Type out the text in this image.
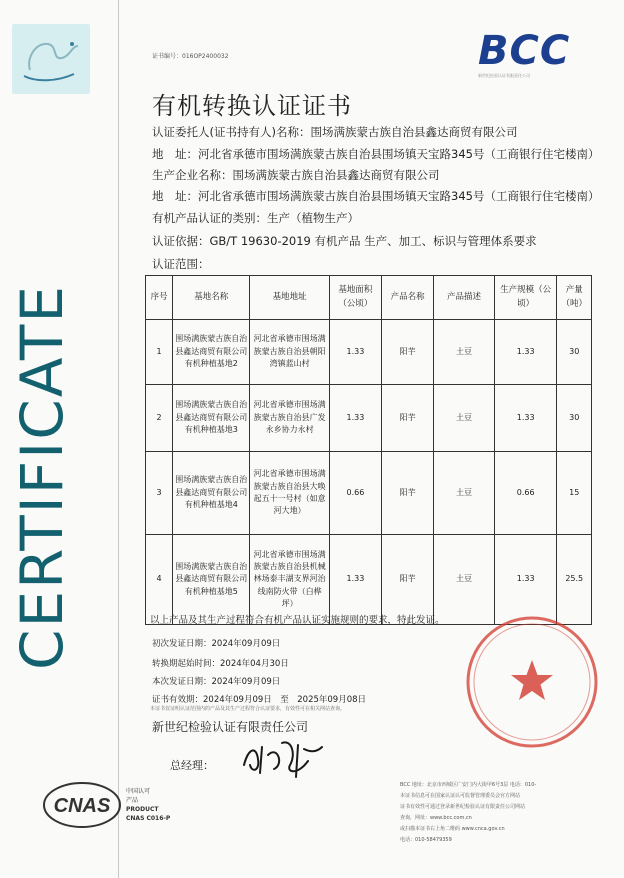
CERTIFICATE
证书编号：016OP2400032	BCC
新世纪检验认证有限责任公司
有机转换认证证书
认证委托人(证书持有人)名称：围场满族蒙古族自治县鑫达商贸有限公司
地　址：河北省承德市围场满族蒙古族自治县围场镇天宝路345号（工商银行住宅楼南）
生产企业名称：围场满族蒙古族自治县鑫达商贸有限公司
地　址：河北省承德市围场满族蒙古族自治县围场镇天宝路345号（工商银行住宅楼南）
有机产品认证的类别：生产（植物生产）
认证依据：GB/T 19630-2019 有机产品 生产、加工、标识与管理体系要求
认证范围：
序号	基地名称	基地地址	基地面积（公顷）	产品名称	产品描述	生产规模（公顷）	产量（吨）
1	围场满族蒙古族自治县鑫达商贸有限公司有机种植基地2	河北省承德市围场满族蒙古族自治县朝阳湾镇蓝山村	1.33	阳芋	土豆	1.33	30
2	围场满族蒙古族自治县鑫达商贸有限公司有机种植基地3	河北省承德市围场满族蒙古族自治县广发永乡协力永村	1.33	阳芋	土豆	1.33	30
3	围场满族蒙古族自治县鑫达商贸有限公司有机种植基地4	河北省承德市围场满族蒙古族自治县大唤起五十一号村（如意河大地）	0.66	阳芋	土豆	0.66	15
4	围场满族蒙古族自治县鑫达商贸有限公司有机种植基地5	河北省承德市围场满族蒙古族自治县机械林场泰丰湖支界河治线南防火带（白桦坪）	1.33	阳芋	土豆	1.33	25.5
以上产品及其生产过程符合有机产品认证实施规则的要求，特此发证。
初次发证日期：2024年09月09日
转换期起始时间：2024年04月30日
本次发证日期：2024年09月09日
证书有效期：2024年09月09日　至　2025年09月08日
本证书仅证明认证范围内的产品及其生产过程符合认证要求，有效性可在相关网站查询。
新世纪检验认证有限责任公司
总经理：
CNAS
中国认可
产品
PRODUCT
CNAS C016-P
BCC 地址：北京市西城区广安门内大街甲6号3层 电话：010-
本证书信息可在国家认证认可监督管理委员会官方网站
证书有效性可通过登录新世纪检验认证有限责任公司网站
查询，网址：www.bcc.com.cn
或扫描本证书右上角二维码 www.cnca.gov.cn
电话：010-58479359
